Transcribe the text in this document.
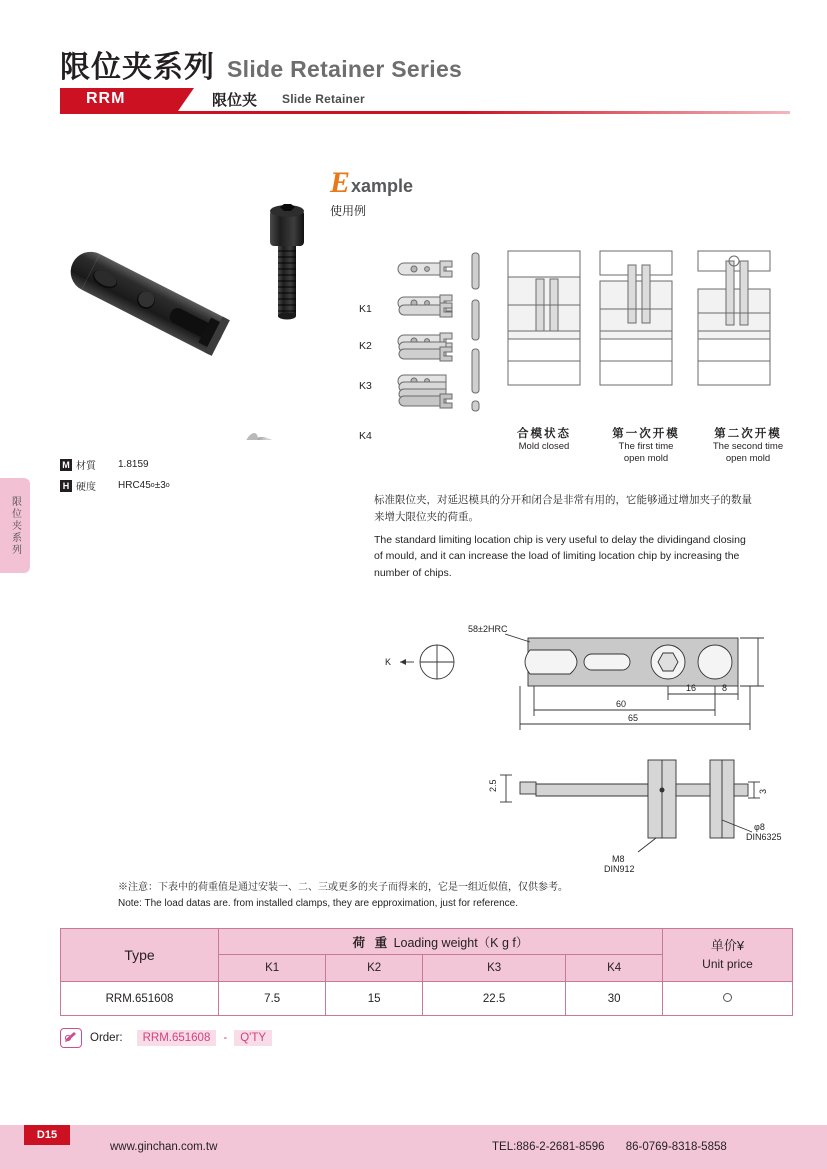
限位夹系列 Slide Retainer Series
RRM	限位夹 Slide Retainer
限位夹系列
E xample
使用例
K1
K2
K3
K4	合模状态
Mold closed
第一次开模
The first time
open mold
第二次开模
The second time
open mold
M 材質	1.8159
H 硬度	HRC45 o ±3 o
标准限位夹，对延迟模具的分开和闭合是非常有用的，它能够通过增加夹子的数量
来增大限位夹的荷重。
The standard limiting location chip is very useful to delay the dividingand closing
of mould, and it can increase the load of limiting location chip by increasing the
number of chips.
K
58±2HRC
16	8
60
65
2.5	3
M8
DIN912
φ8
DIN6325
※注意：下表中的荷重值是通过安装一、二、三或更多的夹子而得来的，它是一组近似值，仅供参考。
Note: The load datas are. from installed clamps, they are epproximation, just for reference.
Type	荷 重 Loading weight（K g f）				单价¥
Unit price

	K1	K2	K3	K4	
RRM.651608	7.5	15	22.5	30	
Order:	RRM.651608	-	Q'TY
D15
www.ginchan.com.tw	TEL:886-2-2681-8596 86-0769-8318-5858
